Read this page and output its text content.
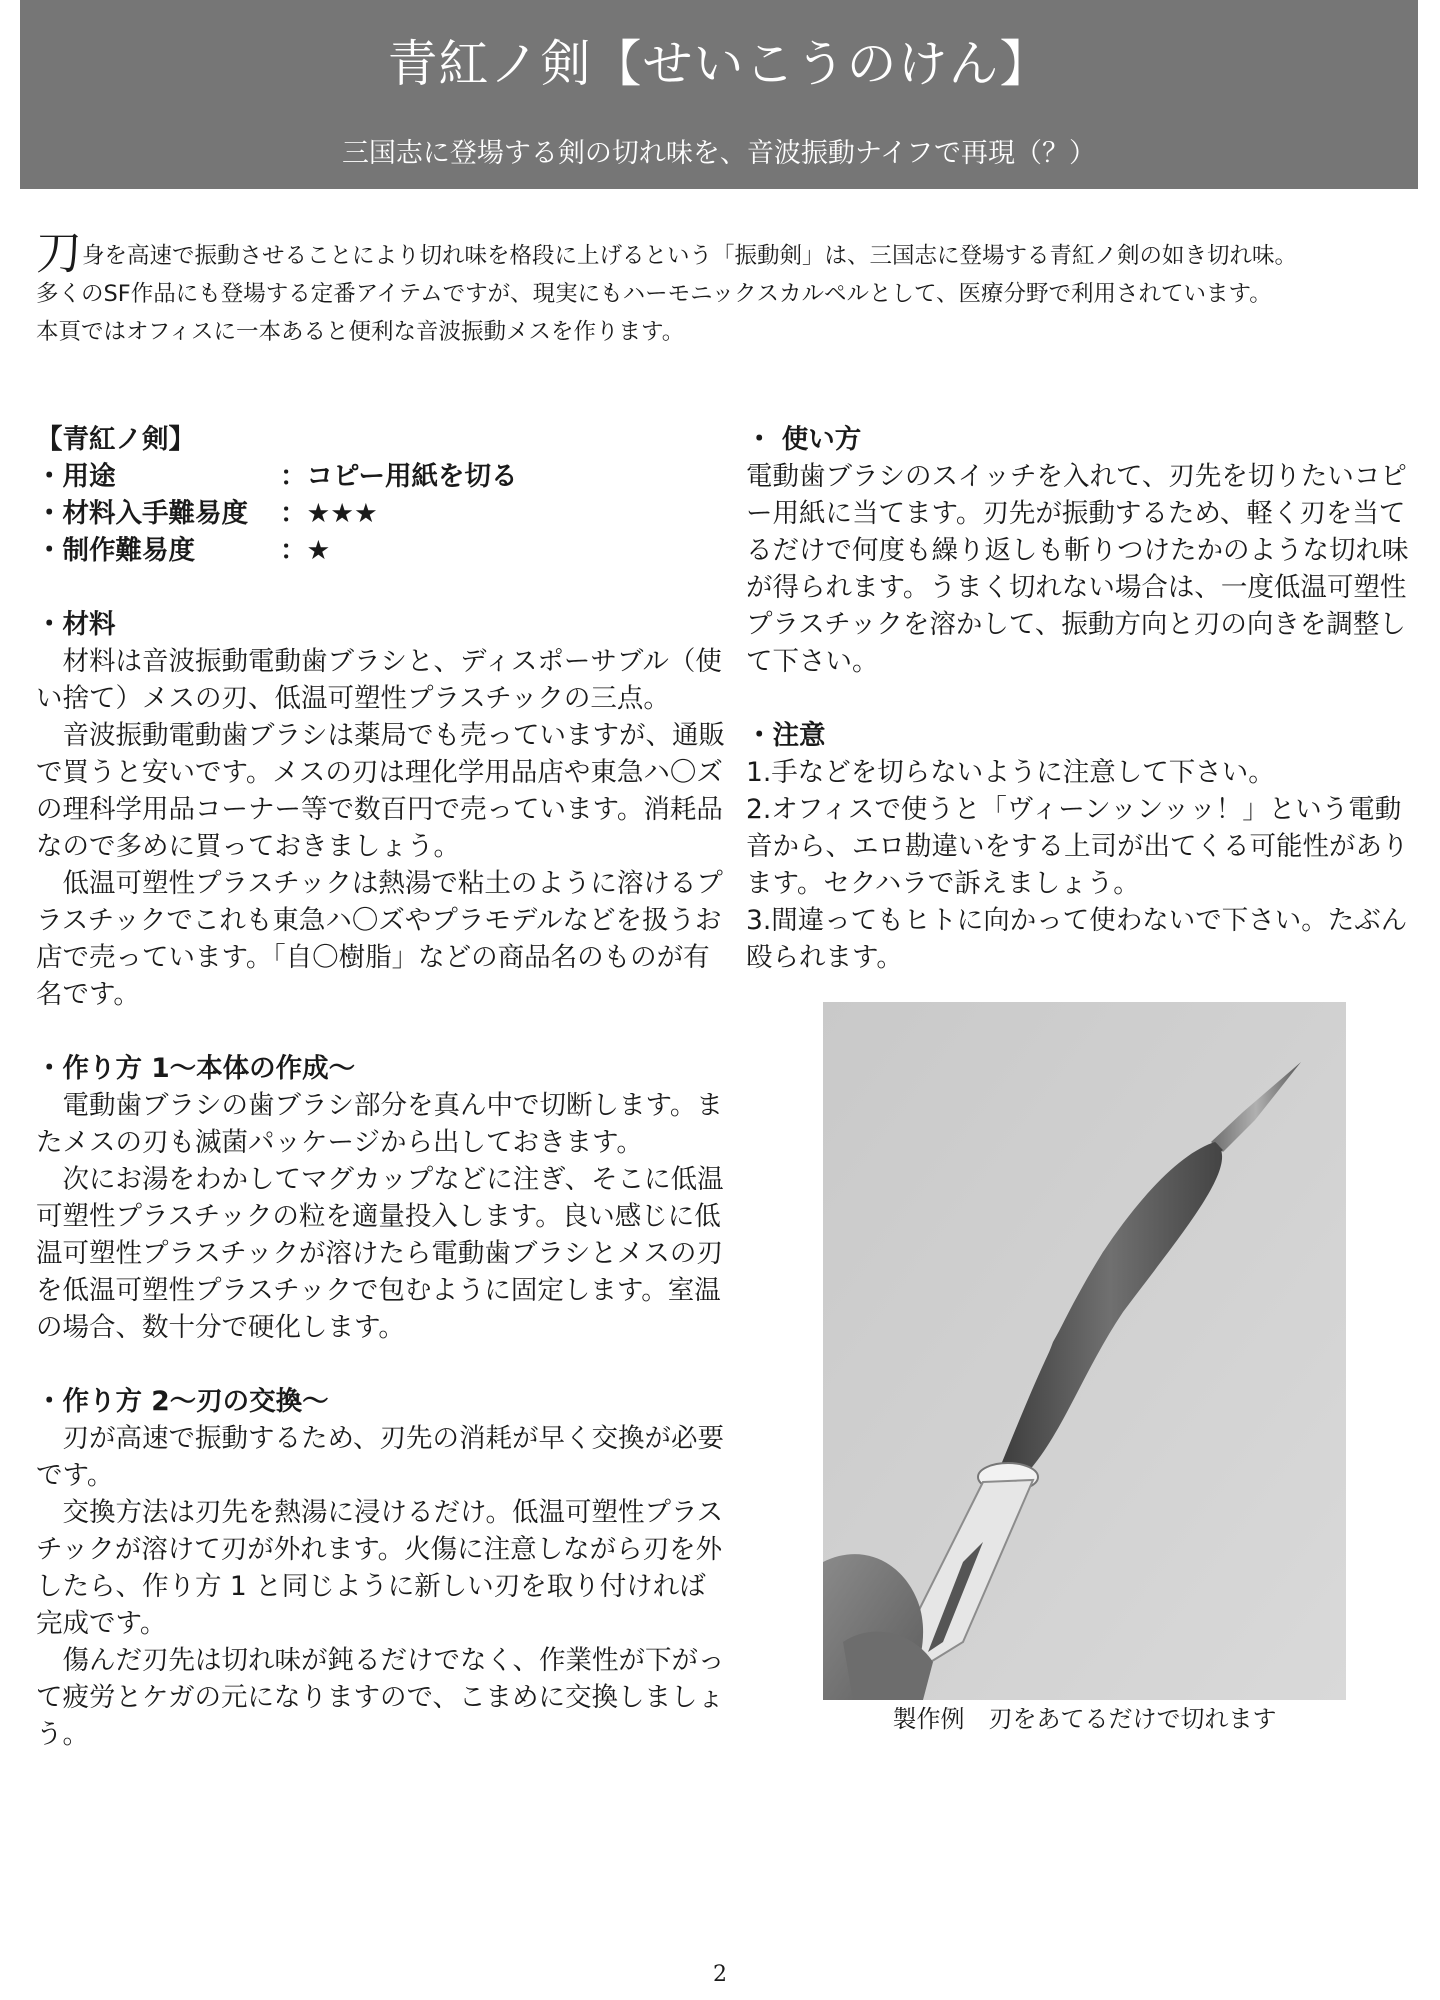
青紅ノ剣【せいこうのけん】
三国志に登場する剣の切れ味を、音波振動ナイフで再現（？）
刀身を高速で振動させることにより切れ味を格段に上げるという「振動剣」は、三国志に登場する青紅ノ剣の如き切れ味。
多くのSF作品にも登場する定番アイテムですが、現実にもハーモニックスカルペルとして、医療分野で利用されています。
本頁ではオフィスに一本あると便利な音波振動メスを作ります。

【青紅ノ剣】

・用途	：コピー用紙を切る
・材料入手難易度	：★★★
・制作難易度	：★

・材料

材料は音波振動電動歯ブラシと、ディスポーサブル（使い捨て）メスの刃、低温可塑性プラスチックの三点。

音波振動電動歯ブラシは薬局でも売っていますが、通販で買うと安いです。メスの刃は理化学用品店や東急ハ〇ズの理科学用品コーナー等で数百円で売っています。消耗品なので多めに買っておきましょう。

低温可塑性プラスチックは熱湯で粘土のように溶けるプラスチックでこれも東急ハ〇ズやプラモデルなどを扱うお店で売っています。「自〇樹脂」などの商品名のものが有名です。

・作り方 1〜本体の作成〜

電動歯ブラシの歯ブラシ部分を真ん中で切断します。またメスの刃も滅菌パッケージから出しておきます。

次にお湯をわかしてマグカップなどに注ぎ、そこに低温可塑性プラスチックの粒を適量投入します。良い感じに低温可塑性プラスチックが溶けたら電動歯ブラシとメスの刃を低温可塑性プラスチックで包むように固定します。室温の場合、数十分で硬化します。

・作り方 2〜刃の交換〜

刃が高速で振動するため、刃先の消耗が早く交換が必要です。

交換方法は刃先を熱湯に浸けるだけ。低温可塑性プラスチックが溶けて刃が外れます。火傷に注意しながら刃を外したら、作り方 1 と同じように新しい刃を取り付ければ完成です。

傷んだ刃先は切れ味が鈍るだけでなく、作業性が下がって疲労とケガの元になりますので、こまめに交換しましょう。

・ 使い方

電動歯ブラシのスイッチを入れて、刃先を切りたいコピー用紙に当てます。刃先が振動するため、軽く刃を当てるだけで何度も繰り返しも斬りつけたかのような切れ味が得られます。うまく切れない場合は、一度低温可塑性プラスチックを溶かして、振動方向と刃の向きを調整して下さい。

・注意

1.手などを切らないように注意して下さい。

2.オフィスで使うと「ヴィーンッンッッ！」という電動音から、エロ勘違いをする上司が出てくる可能性があります。セクハラで訴えましょう。

3.間違ってもヒトに向かって使わないで下さい。たぶん殴られます。

製作例　刃をあてるだけで切れます
2
